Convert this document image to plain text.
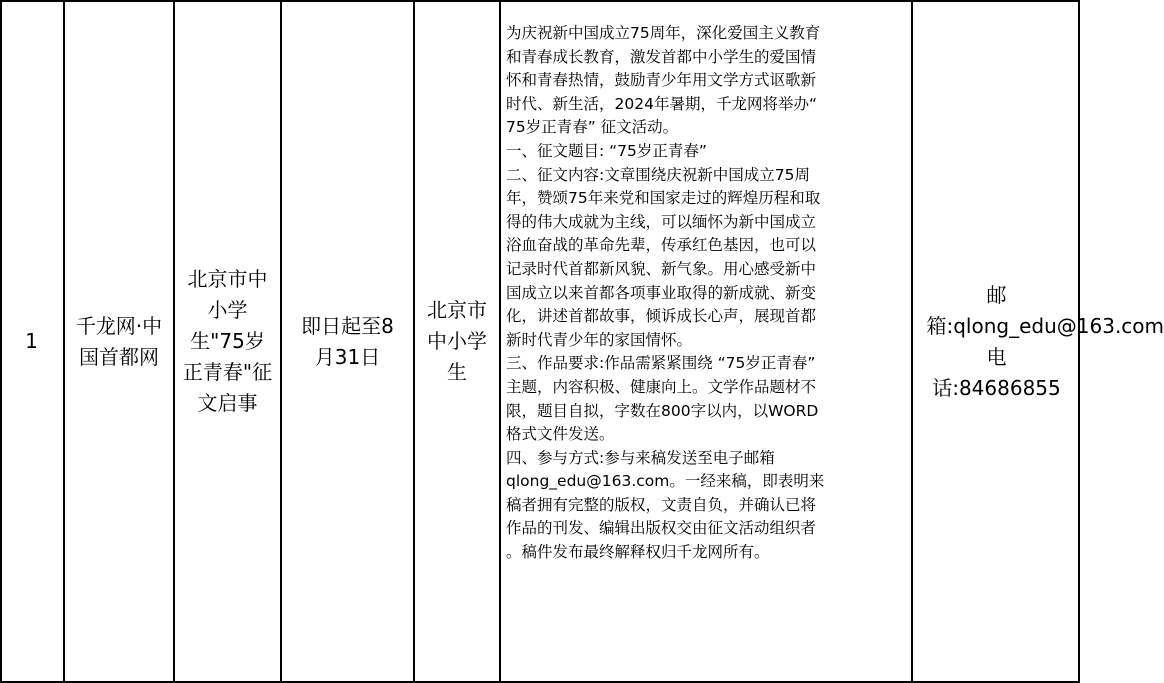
1
千龙网·中国首都网
北京市中小学生"75岁正青春"征文启事
即日起至8月31日
北京市中小学生
为庆祝新中国成立75周年，深化爱国主义教育
和青春成长教育，激发首都中小学生的爱国情
怀和青春热情，鼓励青少年用文学方式讴歌新
时代、新生活，2024年暑期，千龙网将举办“
75岁正青春” 征文活动。
一、征文题目: “75岁正青春”
二、征文内容:文章围绕庆祝新中国成立75周
年，赞颂75年来党和国家走过的辉煌历程和取
得的伟大成就为主线，可以缅怀为新中国成立
浴血奋战的革命先辈，传承红色基因，也可以
记录时代首都新风貌、新气象。用心感受新中
国成立以来首都各项事业取得的新成就、新变
化，讲述首都故事，倾诉成长心声，展现首都
新时代青少年的家国情怀。
三、作品要求:作品需紧紧围绕 “75岁正青春”
主题，内容积极、健康向上。文学作品题材不
限，题目自拟，字数在800字以内，以WORD
格式文件发送。
四、参与方式:参与来稿发送至电子邮箱
qlong_edu@163.com。一经来稿，即表明来
稿者拥有完整的版权，文责自负，并确认已将
作品的刊发、编辑出版权交由征文活动组织者
。稿件发布最终解释权归千龙网所有。
邮箱:qlong_edu@163.com 电话:84686855
